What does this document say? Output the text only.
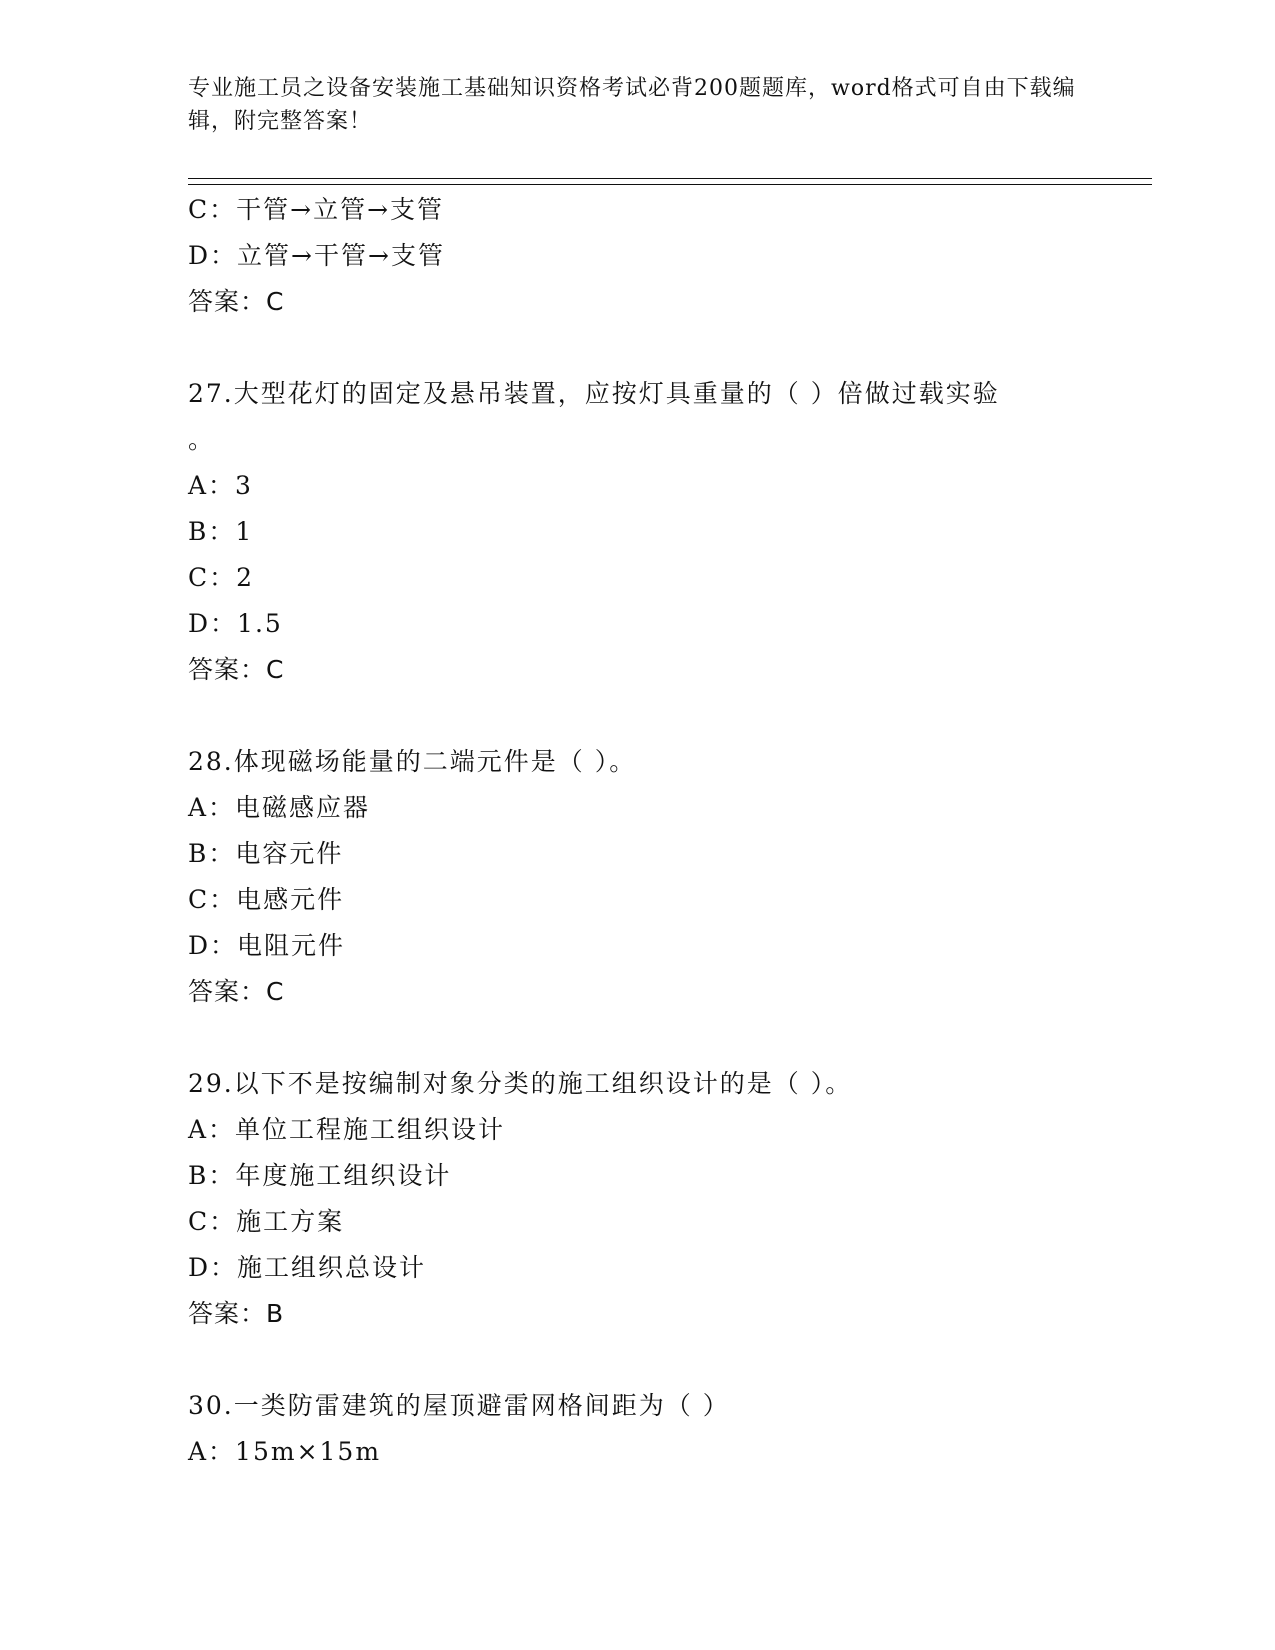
专业施工员之设备安装施工基础知识资格考试必背200题题库，word格式可自由下载编辑，附完整答案！
C：干管→立管→支管
D：立管→干管→支管
答案：C
27.大型花灯的固定及悬吊装置，应按灯具重量的（ ）倍做过载实验
。
A：3
B：1
C：2
D：1.5
答案：C
28.体现磁场能量的二端元件是（ ）。
A：电磁感应器
B：电容元件
C：电感元件
D：电阻元件
答案：C
29.以下不是按编制对象分类的施工组织设计的是（ ）。
A：单位工程施工组织设计
B：年度施工组织设计
C：施工方案
D：施工组织总设计
答案：B
30.一类防雷建筑的屋顶避雷网格间距为（ ）
A：15m×15m
